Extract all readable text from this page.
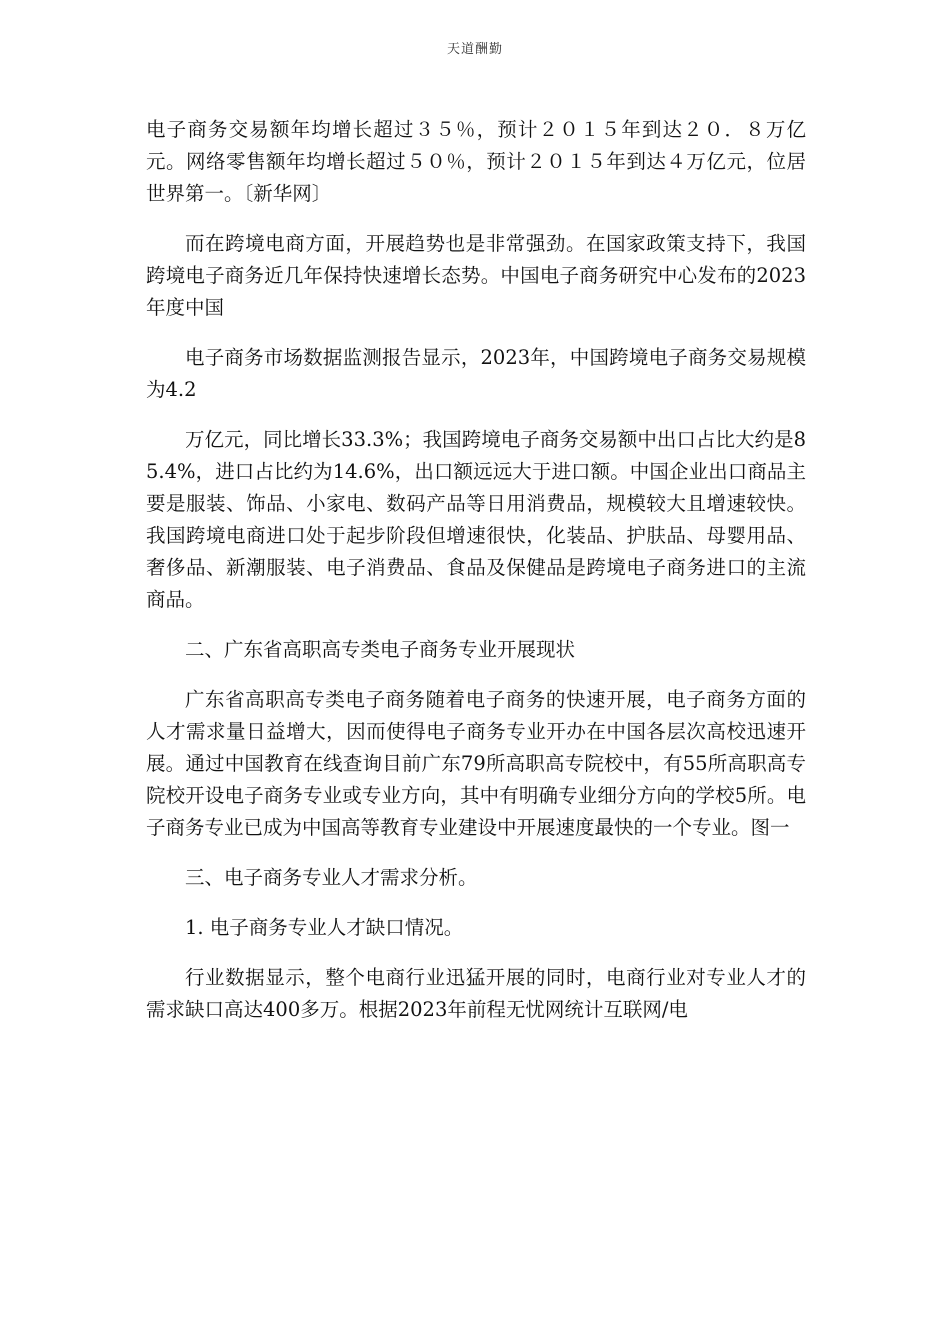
天道酬勤

电子商务交易额年均增长超过３５％，预计２０１５年到达２０．８万亿元。网络零售额年均增长超过５０％，预计２０１５年到达４万亿元，位居世界第一。〔新华网〕

而在跨境电商方面，开展趋势也是非常强劲。在国家政策支持下，我国跨境电子商务近几年保持快速增长态势。中国电子商务研究中心发布的2023年度中国

电子商务市场数据监测报告显示，2023年，中国跨境电子商务交易规模为4.2

万亿元，同比增长33.3%；我国跨境电子商务交易额中出口占比大约是85.4%，进口占比约为14.6%，出口额远远大于进口额。中国企业出口商品主要是服装、饰品、小家电、数码产品等日用消费品，规模较大且增速较快。我国跨境电商进口处于起步阶段但增速很快，化装品、护肤品、母婴用品、奢侈品、新潮服装、电子消费品、食品及保健品是跨境电子商务进口的主流商品。

二、广东省高职高专类电子商务专业开展现状

广东省高职高专类电子商务随着电子商务的快速开展，电子商务方面的人才需求量日益增大，因而使得电子商务专业开办在中国各层次高校迅速开展。通过中国教育在线查询目前广东79所高职高专院校中，有55所高职高专院校开设电子商务专业或专业方向，其中有明确专业细分方向的学校5所。电子商务专业已成为中国高等教育专业建设中开展速度最快的一个专业。图一

三、电子商务专业人才需求分析。

1. 电子商务专业人才缺口情况。

行业数据显示，整个电商行业迅猛开展的同时，电商行业对专业人才的需求缺口高达400多万。根据2023年前程无忧网统计互联网/电
